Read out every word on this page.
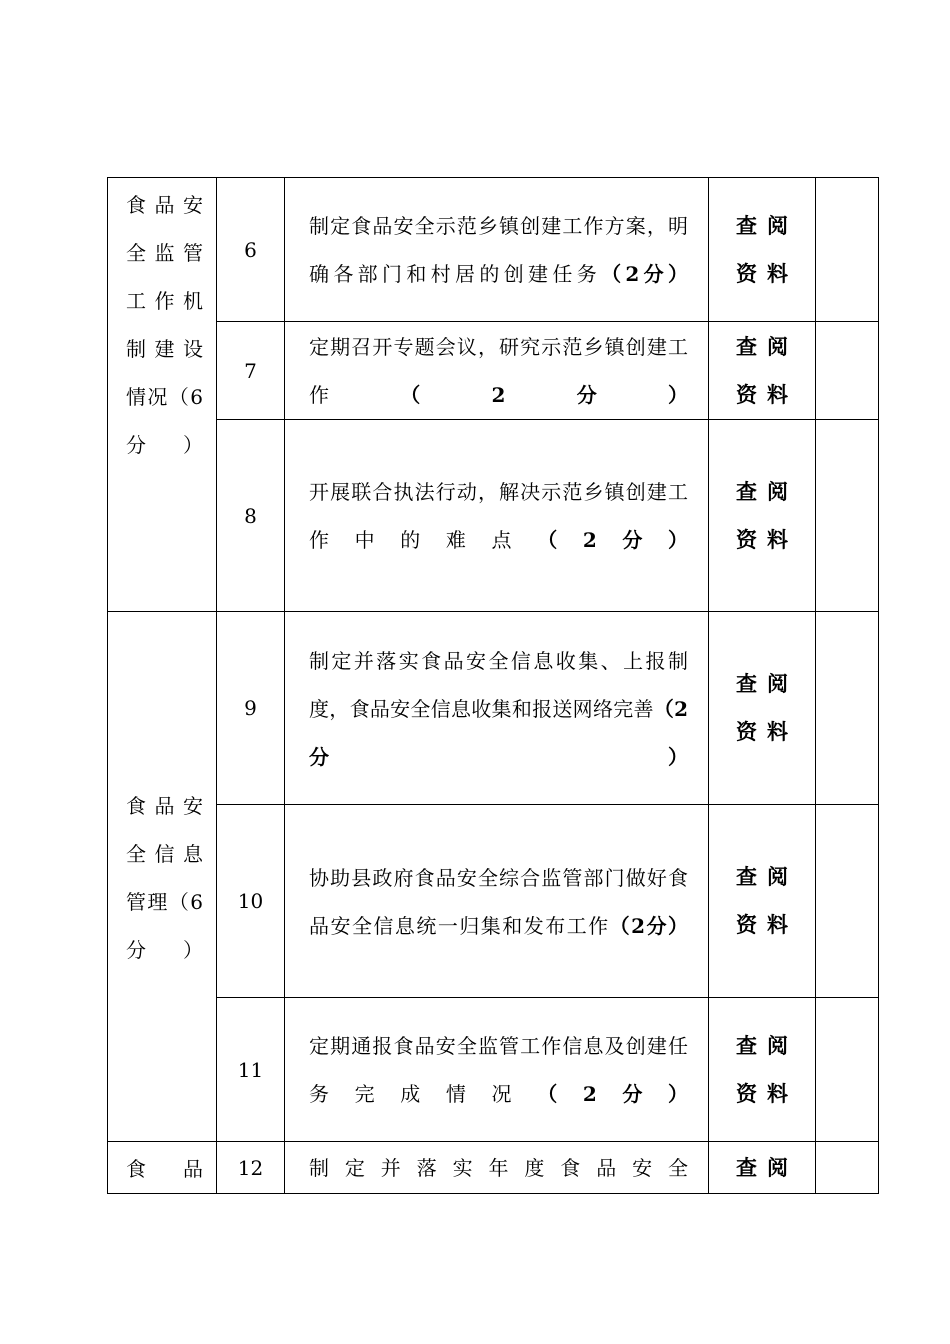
食品安全监管工作机制建设情况（6分）	6	制定食品安全示范乡镇创建工作方案，明确各部门和村居的创建任务（2分）	查阅资料	
	7	定期召开专题会议，研究示范乡镇创建工作（2分）	查阅资料	
	8	开展联合执法行动，解决示范乡镇创建工作中的难点（2分）	查阅资料	

食品安全信息管理（6分）	9	制定并落实食品安全信息收集、上报制度，食品安全信息收集和报送网络完善（2分）	查阅资料	
	10	协助县政府食品安全综合监管部门做好食品安全信息统一归集和发布工作（2分）	查阅资料	
	11	定期通报食品安全监管工作信息及创建任务完成情况（2分）	查阅资料	

食品	12	制定并落实年度食品安全	查阅	
